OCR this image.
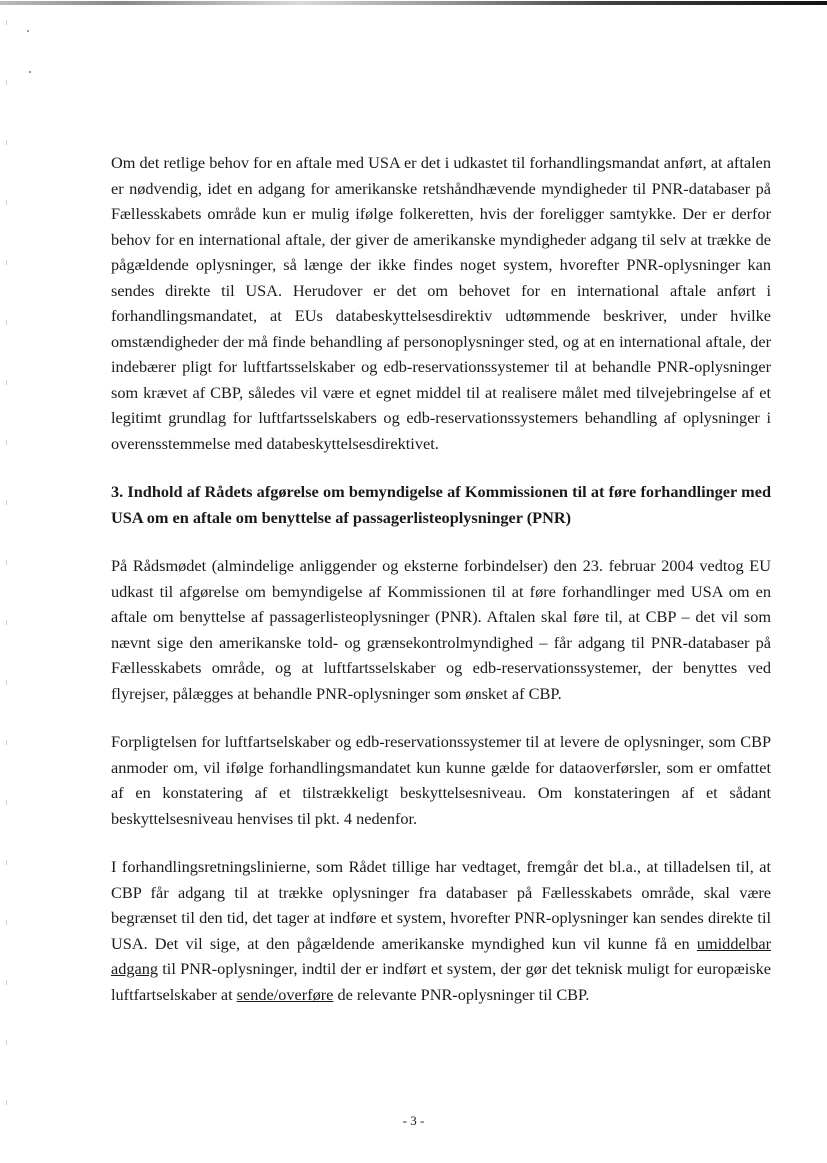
Om det retlige behov for en aftale med USA er det i udkastet til forhandlingsmandat anført, at aftalen er nødvendig, idet en adgang for amerikanske retshåndhævende myndigheder til PNR-databaser på Fællesskabets område kun er mulig ifølge folkeretten, hvis der foreligger samtykke. Der er derfor behov for en international aftale, der giver de amerikanske myndigheder adgang til selv at trække de pågældende oplysninger, så længe der ikke findes noget system, hvorefter PNR-oplysninger kan sendes direkte til USA. Herudover er det om behovet for en international aftale anført i forhandlingsmandatet, at EUs databeskyttelsesdirektiv udtømmende beskriver, under hvilke omstændigheder der må finde behandling af personoplysninger sted, og at en international aftale, der indebærer pligt for luftfartsselskaber og edb-reservationssystemer til at behandle PNR-oplysninger som krævet af CBP, således vil være et egnet middel til at realisere målet med tilvejebringelse af et legitimt grundlag for luftfartsselskabers og edb-reservationssystemers behandling af oplysninger i overensstemmelse med databeskyttelsesdirektivet.

3. Indhold af Rådets afgørelse om bemyndigelse af Kommissionen til at føre forhandlinger med USA om en aftale om benyttelse af passagerlisteoplysninger (PNR)

På Rådsmødet (almindelige anliggender og eksterne forbindelser) den 23. februar 2004 vedtog EU udkast til afgørelse om bemyndigelse af Kommissionen til at føre forhandlinger med USA om en aftale om benyttelse af passagerlisteoplysninger (PNR). Aftalen skal føre til, at CBP – det vil som nævnt sige den amerikanske told- og grænsekontrolmyndighed – får adgang til PNR-databaser på Fællesskabets område, og at luftfartsselskaber og edb-reservationssystemer, der benyttes ved flyrejser, pålægges at behandle PNR-oplysninger som ønsket af CBP.

Forpligtelsen for luftfartselskaber og edb-reservationssystemer til at levere de oplysninger, som CBP anmoder om, vil ifølge forhandlingsmandatet kun kunne gælde for dataoverførsler, som er omfattet af en konstatering af et tilstrækkeligt beskyttelsesniveau. Om konstateringen af et sådant beskyttelsesniveau henvises til pkt. 4 nedenfor.

I forhandlingsretningslinierne, som Rådet tillige har vedtaget, fremgår det bl.a., at tilladelsen til, at CBP får adgang til at trække oplysninger fra databaser på Fællesskabets område, skal være begrænset til den tid, det tager at indføre et system, hvorefter PNR-oplysninger kan sendes direkte til USA. Det vil sige, at den pågældende amerikanske myndighed kun vil kunne få en umiddelbar adgang til PNR-oplysninger, indtil der er indført et system, der gør det teknisk muligt for europæiske luftfartselskaber at sende/overføre de relevante PNR-oplysninger til CBP.

- 3 -
